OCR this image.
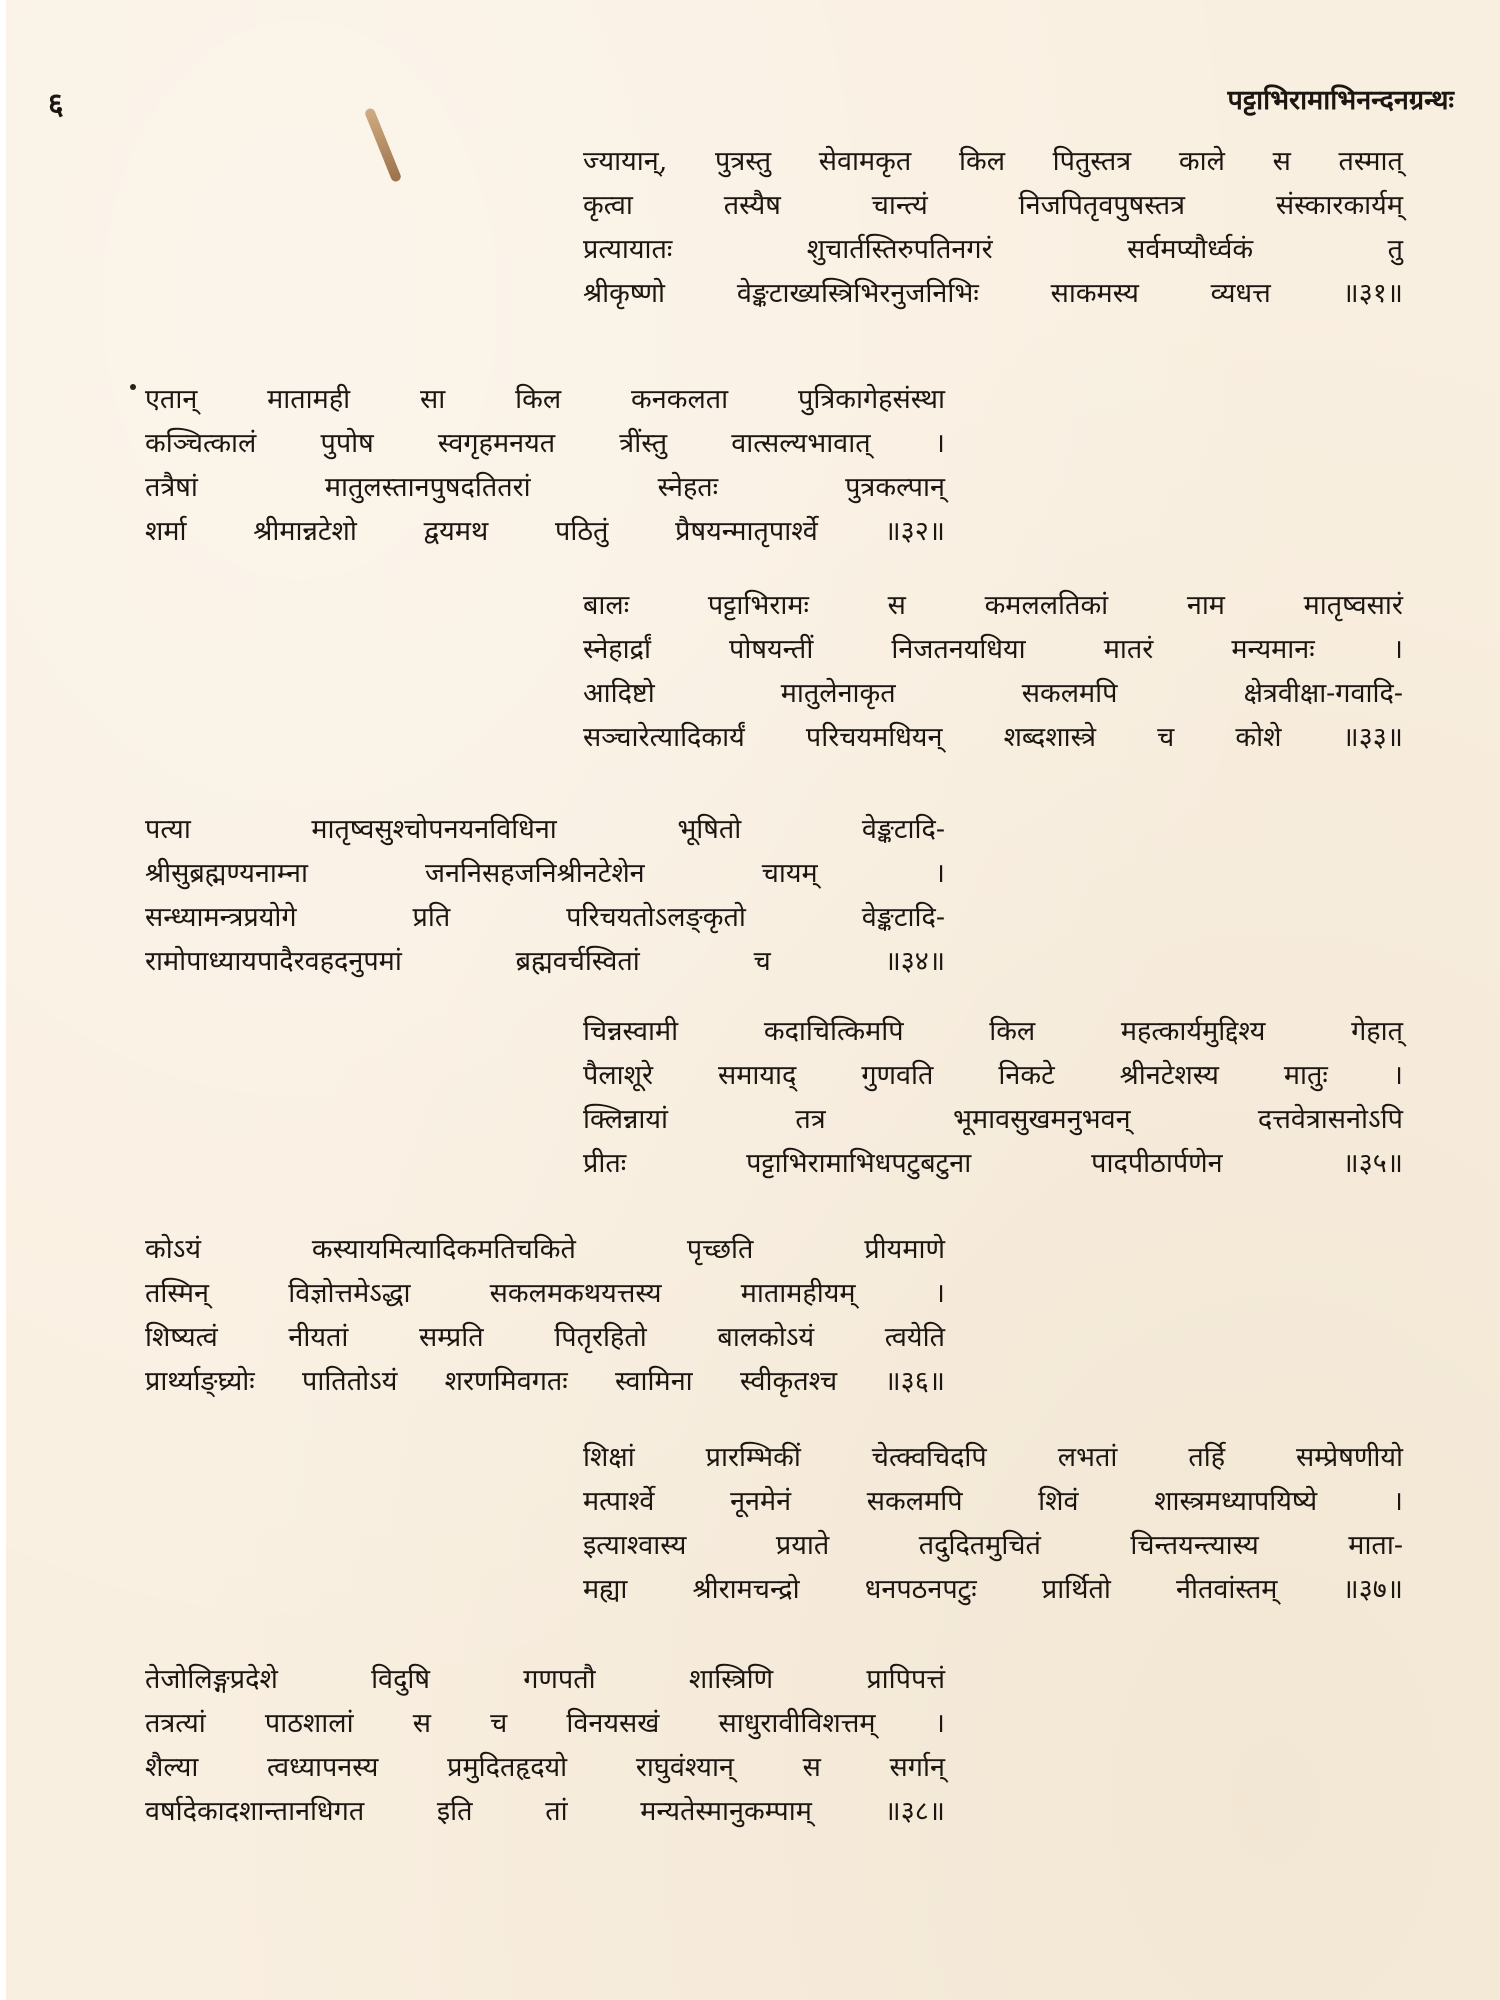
६	पट्टाभिरामाभिनन्दनग्रन्थः
ज्यायान्, पुत्रस्तु सेवामकृत किल पितुस्तत्र काले स तस्मात्
कृत्वा	तस्यैष	चान्त्यं	निजपितृवपुषस्तत्र	संस्कारकार्यम्
प्रत्यायातः	शुचार्तस्तिरुपतिनगरं	सर्वमप्यौर्ध्वकं	तु
श्रीकृष्णो	वेङ्कटाख्यस्त्रिभिरनुजनिभिः	साकमस्य	व्यधत्त	॥३१॥
एतान्	मातामही	सा	किल	कनकलता	पुत्रिकागेहसंस्था
कञ्चित्कालं पुपोष स्वगृहमनयत त्रींस्तु वात्सल्यभावात् ।
तत्रैषां	मातुलस्तानपुषदतितरां	स्नेहतः	पुत्रकल्पान्
शर्मा श्रीमान्नटेशो द्वयमथ पठितुं प्रैषयन्मातृपार्श्वे ॥३२॥
बालः	पट्टाभिरामः	स	कमललतिकां	नाम	मातृष्वसारं
स्नेहार्द्रां	पोषयन्तीं	निजतनयधिया	मातरं	मन्यमानः	।
आदिष्टो	मातुलेनाकृत	सकलमपि	क्षेत्रवीक्षा-गवादि-
सञ्चारेत्यादिकार्यं परिचयमधियन् शब्दशास्त्रे च कोशे ॥३३॥
पत्या	मातृष्वसुश्चोपनयनविधिना	भूषितो	वेङ्कटादि-
श्रीसुब्रह्मण्यनाम्ना	जननिसहजनिश्रीनटेशेन	चायम्	।
सन्ध्यामन्त्रप्रयोगे	प्रति	परिचयतोऽलङ्कृतो	वेङ्कटादि-
रामोपाध्यायपादैरवहदनुपमां	ब्रह्मवर्चस्वितां	च	॥३४॥
चिन्नस्वामी	कदाचित्किमपि	किल	महत्कार्यमुद्दिश्य	गेहात्
पैलाशूरे समायाद् गुणवति निकटे श्रीनटेशस्य मातुः ।
क्लिन्नायां	तत्र	भूमावसुखमनुभवन्	दत्तवेत्रासनोऽपि
प्रीतः	पट्टाभिरामाभिधपटुबटुना	पादपीठार्पणेन	॥३५॥
कोऽयं	कस्यायमित्यादिकमतिचकिते	पृच्छति	प्रीयमाणे
तस्मिन्	विज्ञोत्तमेऽद्धा	सकलमकथयत्तस्य	मातामहीयम्	।
शिष्यत्वं	नीयतां	सम्प्रति	पितृरहितो	बालकोऽयं	त्वयेति
प्रार्थ्याङ्घ्र्योः पातितोऽयं शरणमिवगतः स्वामिना स्वीकृतश्च ॥३६॥
शिक्षां	प्रारम्भिकीं	चेत्क्वचिदपि	लभतां	तर्हि	सम्प्रेषणीयो
मत्पार्श्वे	नूनमेनं	सकलमपि	शिवं	शास्त्रमध्यापयिष्ये	।
इत्याश्वास्य	प्रयाते	तदुदितमुचितं	चिन्तयन्त्यास्य	माता-
मह्या श्रीरामचन्द्रो धनपठनपटुः प्रार्थितो नीतवांस्तम् ॥३७॥
तेजोलिङ्गप्रदेशे	विदुषि	गणपतौ	शास्त्रिणि	प्रापिपत्तं
तत्रत्यां पाठशालां स च विनयसखं साधुरावीविशत्तम् ।
शैल्या	त्वध्यापनस्य	प्रमुदितहृदयो	राघुवंश्यान्	स	सर्गान्
वर्षादेकादशान्तानधिगत	इति	तां	मन्यतेस्मानुकम्पाम्	॥३८॥
